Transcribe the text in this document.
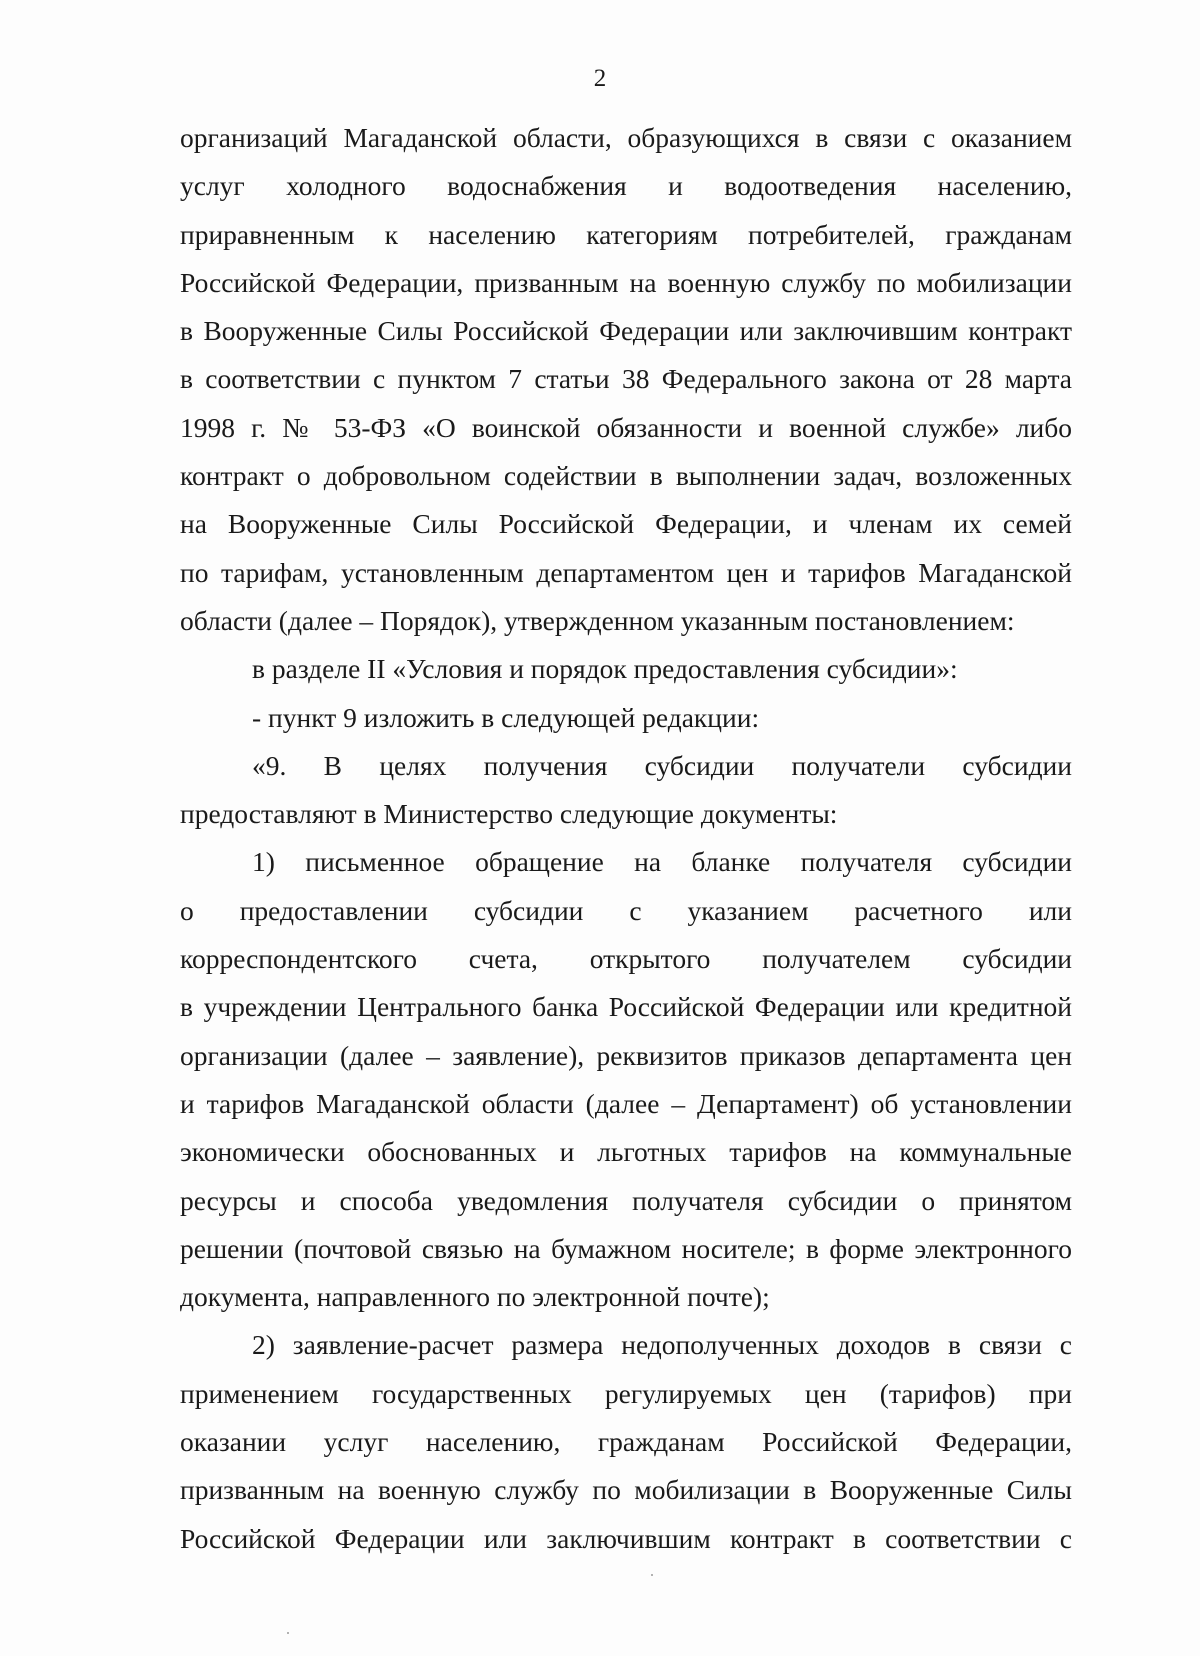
2
организаций Магаданской области, образующихся в связи с оказанием
услуг холодного водоснабжения и водоотведения населению,
приравненным к населению категориям потребителей, гражданам
Российской Федерации, призванным на военную службу по мобилизации
в Вооруженные Силы Российской Федерации или заключившим контракт
в соответствии с пунктом 7 статьи 38 Федерального закона от 28 марта
1998 г. № 53-ФЗ «О воинской обязанности и военной службе» либо
контракт о добровольном содействии в выполнении задач, возложенных
на Вооруженные Силы Российской Федерации, и членам их семей
по тарифам, установленным департаментом цен и тарифов Магаданской
области (далее – Порядок), утвержденном указанным постановлением:
в разделе II «Условия и порядок предоставления субсидии»:
- пункт 9 изложить в следующей редакции:
«9. В целях получения субсидии получатели субсидии
предоставляют в Министерство следующие документы:
1) письменное обращение на бланке получателя субсидии
о предоставлении субсидии с указанием расчетного или
корреспондентского счета, открытого получателем субсидии
в учреждении Центрального банка Российской Федерации или кредитной
организации (далее – заявление), реквизитов приказов департамента цен
и тарифов Магаданской области (далее – Департамент) об установлении
экономически обоснованных и льготных тарифов на коммунальные
ресурсы и способа уведомления получателя субсидии о принятом
решении (почтовой связью на бумажном носителе; в форме электронного
документа, направленного по электронной почте);
2) заявление-расчет размера недополученных доходов в связи с
применением государственных регулируемых цен (тарифов) при
оказании услуг населению, гражданам Российской Федерации,
призванным на военную службу по мобилизации в Вооруженные Силы
Российской Федерации или заключившим контракт в соответствии с
